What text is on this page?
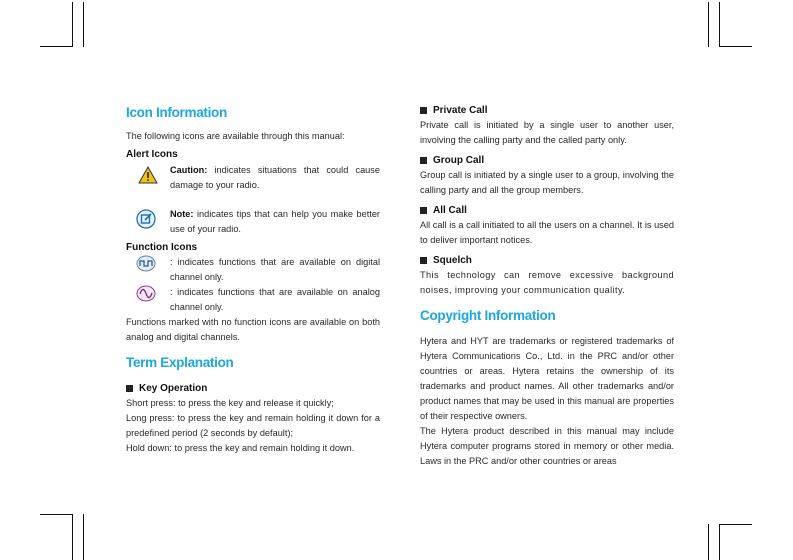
Icon Information

The following icons are available through this manual:

Alert Icons

Caution: indicates situations that could cause damage to your radio.

Note: indicates tips that can help you make better use of your radio.

Function Icons

: indicates functions that are available on digital channel only.

: indicates functions that are available on analog channel only.

Functions marked with no function icons are available on both analog and digital channels.

Term Explanation
Key Operation

Short press: to press the key and release it quickly;

Long press: to press the key and remain holding it down for a predefined period (2 seconds by default);

Hold down: to press the key and remain holding it down.

Private Call

Private call is initiated by a single user to another user, involving the calling party and the called party only.

Group Call

Group call is initiated by a single user to a group, involving the calling party and all the group members.

All Call

All call is a call initiated to all the users on a channel. It is used to deliver important notices.

Squelch

This technology can remove excessive background noises, improving your communication quality.

Copyright Information

Hytera and HYT are trademarks or registered trademarks of Hytera Communications Co., Ltd. in the PRC and/or other countries or areas. Hytera retains the ownership of its trademarks and product names. All other trademarks and/or product names that may be used in this manual are properties of their respective owners.

The Hytera product described in this manual may include Hytera computer programs stored in memory or other media. Laws in the PRC and/or other countries or areas
